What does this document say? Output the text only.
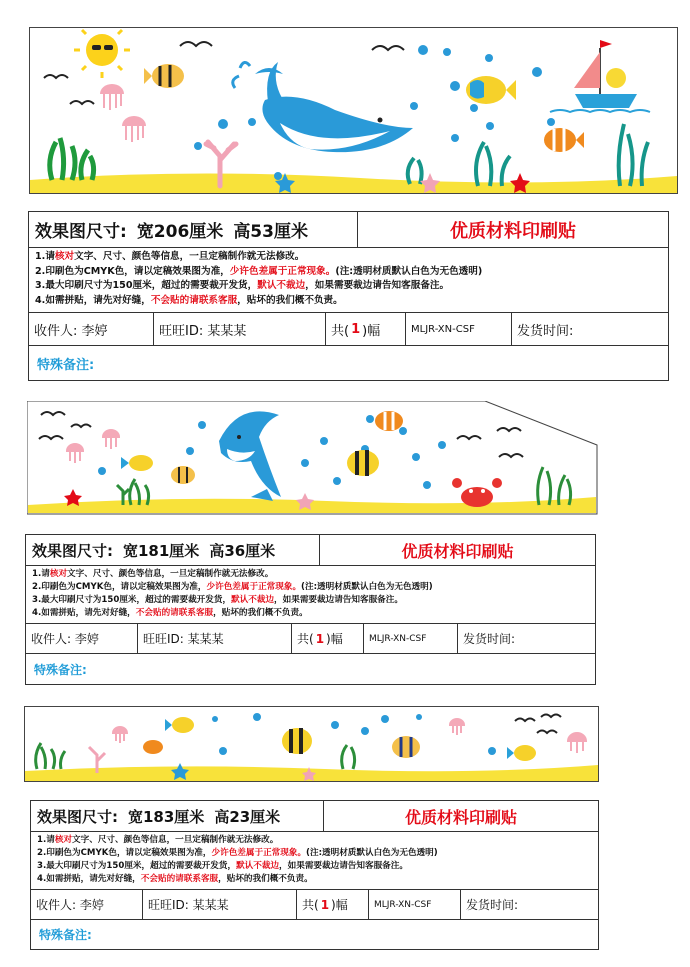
效果图尺寸: 宽206厘米 高53厘米	优质材料印刷贴
1.请核对文字、尺寸、颜色等信息，一旦定稿制作就无法修改。
2.印刷色为CMYK色，请以定稿效果图为准，少许色差属于正常现象。(注:透明材质默认白色为无色透明)
3.最大印刷尺寸为150厘米，超过的需要裁开发货，默认不裁边，如果需要裁边请告知客服备注。
4.如需拼贴，请先对好缝，不会贴的请联系客服，贴坏的我们概不负责。
收件人: 李婷	旺旺ID: 某某某	共( 1 )幅	MLJR-XN-CSF	发货时间:
特殊备注:
效果图尺寸: 宽181厘米 高36厘米	优质材料印刷贴
1.请核对文字、尺寸、颜色等信息，一旦定稿制作就无法修改。
2.印刷色为CMYK色，请以定稿效果图为准，少许色差属于正常现象。(注:透明材质默认白色为无色透明)
3.最大印刷尺寸为150厘米，超过的需要裁开发货，默认不裁边，如果需要裁边请告知客服备注。
4.如需拼贴，请先对好缝，不会贴的请联系客服，贴坏的我们概不负责。
收件人: 李婷	旺旺ID: 某某某	共( 1 )幅	MLJR-XN-CSF	发货时间:
特殊备注:
效果图尺寸: 宽183厘米 高23厘米	优质材料印刷贴
1.请核对文字、尺寸、颜色等信息，一旦定稿制作就无法修改。
2.印刷色为CMYK色，请以定稿效果图为准，少许色差属于正常现象。(注:透明材质默认白色为无色透明)
3.最大印刷尺寸为150厘米，超过的需要裁开发货，默认不裁边，如果需要裁边请告知客服备注。
4.如需拼贴，请先对好缝，不会贴的请联系客服，贴坏的我们概不负责。
收件人: 李婷	旺旺ID: 某某某	共( 1 )幅	MLJR-XN-CSF	发货时间:
特殊备注:
